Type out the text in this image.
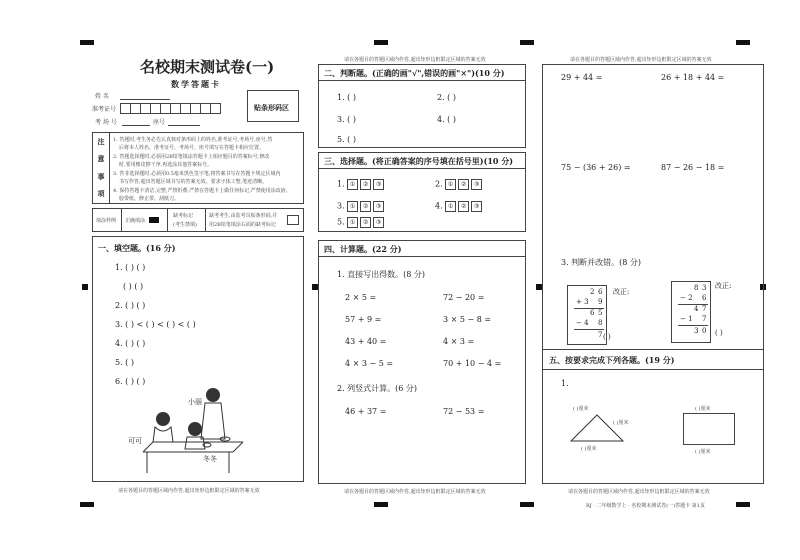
名校期末测试卷(一)
数学答题卡
姓 名
准考证号
考 场 号	座号
贴条形码区
注
意
事
项
1. 答题时,考生务必先认真核对条形码上的姓名,准考证号,考场号,座号,然
后将本人姓名、准考证号、考场号、座号填写在答题卡相应位置。
2. 答题选择题时,必须用2B铅笔填涂答题卡上相应题目的答案标号,修改
时,要用橡皮擦干净,再选涂其他答案标号。
3. 答非选择题时,必须用0.5毫米黑色签字笔,将答案书写在答题卡规定区域内
书写作答,超出答题区域书写的答案无效。要求字体工整,笔迹清晰。
4. 保持答题卡清洁,完整,严禁折叠,严禁在答题卡上做任何标记,严禁使用涂改液、
胶带纸、修正带、刮纸刀。
填涂样例 正确填涂
缺考标记
(考生禁填)
缺考考生,由监考员贴条形码,并
用2B铅笔填涂右面的缺考标记
一、填空题。(16 分)
1. ( ) ( )
( ) ( )
2. ( ) ( )
3. ( ) < ( ) < ( ) < ( )
4. ( ) ( )
5. ( )
6. ( ) ( )
小丽
可可
冬冬
请在各题目的答题区域内作答,超出矩形边框限定区域的答案无效
请在各题目的答题区域内作答,超出矩形边框限定区域的答案无效
二、判断题。(正确的画"√",错误的画"×")(10 分)
1. ( )	2. ( )
3. ( )	4. ( )
5. ( )
三、选择题。(将正确答案的序号填在括号里)(10 分)
1. ① ② ③	2. ① ② ③
3. ① ② ③	4. ① ② ③
5. ① ② ③
四、计算题。(22 分)
1. 直接写出得数。(8 分)
2 × 5 =	72 − 20 =
57 + 9 =	3 × 5 − 8 =
43 + 40 =	4 × 3 =
4 × 3 − 5 =	70 + 10 − 4 =
2. 列竖式计算。(6 分)
46 + 37 =	72 − 53 =
请在各题目的答题区域内作答,超出矩形边框限定区域的答案无效
请在各题目的答题区域内作答,超出矩形边框限定区域的答案无效
29 + 44 =	26 + 18 + 44 =
75 − (36 + 26) =	87 − 26 − 18 =
3. 判断并改错。(8 分)
2 6
+ 3 9
6 5
− 4 8
7
改正:
( )
8 3
− 2 6
4 7
− 1 7
3 0
改正:
( )
五、按要求完成下列各题。(19 分)
1.
( )厘米
( )厘米
( )厘米
( )厘米
( )厘米
请在各题目的答题区域内作答,超出矩形边框限定区域的答案无效
RJ · 二年级数学上 · 名校期末测试卷(一)答题卡 第1页
